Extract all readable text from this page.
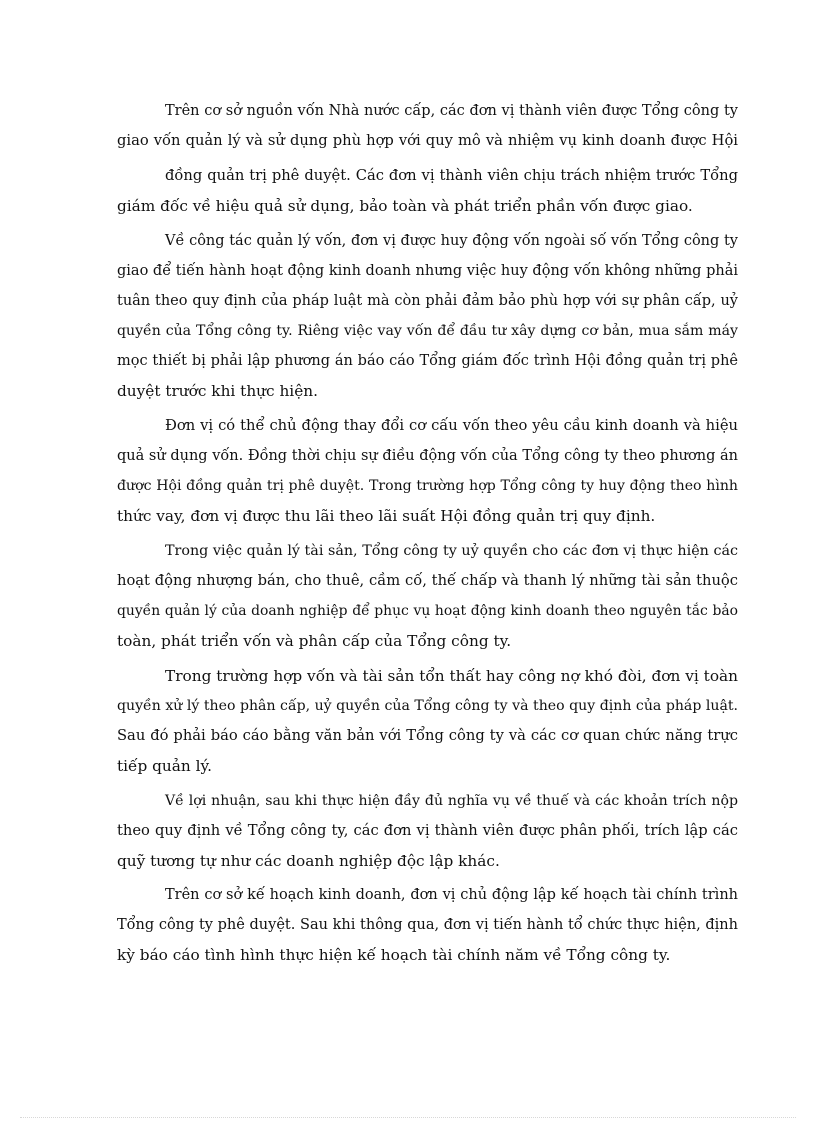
Trên cơ sở nguồn vốn Nhà nước cấp, các đơn vị thành viên được Tổng công ty
giao vốn quản lý và sử dụng phù hợp với quy mô và nhiệm vụ kinh doanh được Hội
đồng quản trị phê duyệt. Các đơn vị thành viên chịu trách nhiệm trước Tổng
giám đốc về hiệu quả sử dụng, bảo toàn và phát triển phần vốn được giao.
Về công tác quản lý vốn, đơn vị được huy động vốn ngoài số vốn Tổng công ty
giao để tiến hành hoạt động kinh doanh nhưng việc huy động vốn không những phải
tuân theo quy định của pháp luật mà còn phải đảm bảo phù hợp với sự phân cấp, uỷ
quyền của Tổng công ty. Riêng việc vay vốn để đầu tư xây dựng cơ bản, mua sắm máy
mọc thiết bị phải lập phương án báo cáo Tổng giám đốc trình Hội đồng quản trị phê
duyệt trước khi thực hiện.
Đơn vị có thể chủ động thay đổi cơ cấu vốn theo yêu cầu kinh doanh và hiệu
quả sử dụng vốn. Đồng thời chịu sự điều động vốn của Tổng công ty theo phương án
được Hội đồng quản trị phê duyệt. Trong trường hợp Tổng công ty huy động theo hình
thức vay, đơn vị được thu lãi theo lãi suất Hội đồng quản trị quy định.
Trong việc quản lý tài sản, Tổng công ty uỷ quyền cho các đơn vị thực hiện các
hoạt động nhượng bán, cho thuê, cầm cố, thế chấp và thanh lý những tài sản thuộc
quyền quản lý của doanh nghiệp để phục vụ hoạt động kinh doanh theo nguyên tắc bảo
toàn, phát triển vốn và phân cấp của Tổng công ty.
Trong trường hợp vốn và tài sản tổn thất hay công nợ khó đòi, đơn vị toàn
quyền xử lý theo phân cấp, uỷ quyền của Tổng công ty và theo quy định của pháp luật.
Sau đó phải báo cáo bằng văn bản với Tổng công ty và các cơ quan chức năng trực
tiếp quản lý.
Về lợi nhuận, sau khi thực hiện đầy đủ nghĩa vụ về thuế và các khoản trích nộp
theo quy định về Tổng công ty, các đơn vị thành viên được phân phối, trích lập các
quỹ tương tự như các doanh nghiệp độc lập khác.
Trên cơ sở kế hoạch kinh doanh, đơn vị chủ động lập kế hoạch tài chính trình
Tổng công ty phê duyệt. Sau khi thông qua, đơn vị tiến hành tổ chức thực hiện, định
kỳ báo cáo tình hình thực hiện kế hoạch tài chính năm về Tổng công ty.
